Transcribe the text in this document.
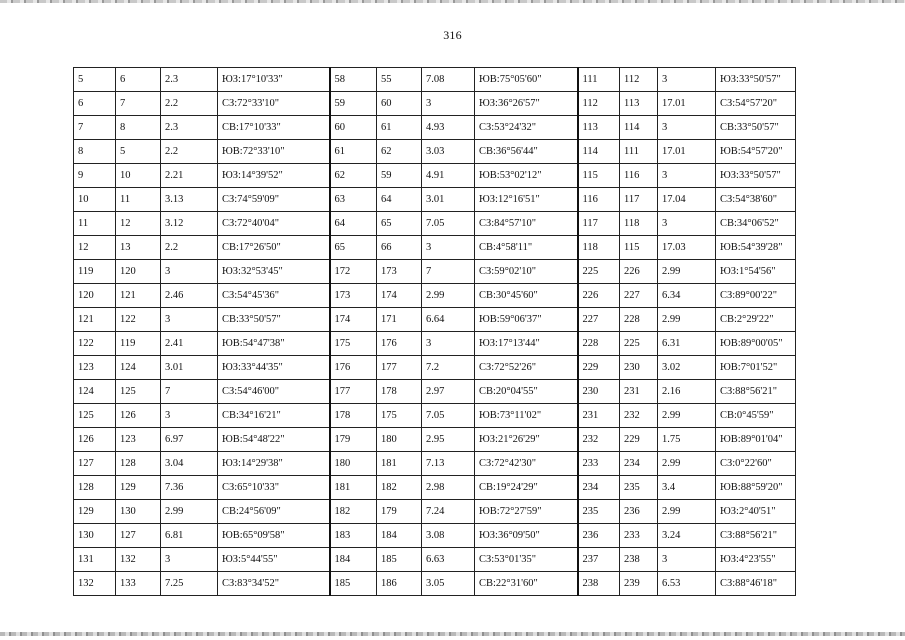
316
5	6	2.3	ЮЗ:17°10'33"	58	55	7.08	ЮВ:75°05'60"	111	112	3	ЮЗ:33°50'57"
6	7	2.2	СЗ:72°33'10"	59	60	3	ЮЗ:36°26'57"	112	113	17.01	СЗ:54°57'20"
7	8	2.3	СВ:17°10'33"	60	61	4.93	СЗ:53°24'32"	113	114	3	СВ:33°50'57"
8	5	2.2	ЮВ:72°33'10"	61	62	3.03	СВ:36°56'44"	114	111	17.01	ЮВ:54°57'20"
9	10	2.21	ЮЗ:14°39'52"	62	59	4.91	ЮВ:53°02'12"	115	116	3	ЮЗ:33°50'57"
10	11	3.13	СЗ:74°59'09"	63	64	3.01	ЮЗ:12°16'51"	116	117	17.04	СЗ:54°38'60"
11	12	3.12	СЗ:72°40'04"	64	65	7.05	СЗ:84°57'10"	117	118	3	СВ:34°06'52"
12	13	2.2	СВ:17°26'50"	65	66	3	СВ:4°58'11"	118	115	17.03	ЮВ:54°39'28"
119	120	3	ЮЗ:32°53'45"	172	173	7	СЗ:59°02'10"	225	226	2.99	ЮЗ:1°54'56"
120	121	2.46	СЗ:54°45'36"	173	174	2.99	СВ:30°45'60"	226	227	6.34	СЗ:89°00'22"
121	122	3	СВ:33°50'57"	174	171	6.64	ЮВ:59°06'37"	227	228	2.99	СВ:2°29'22"
122	119	2.41	ЮВ:54°47'38"	175	176	3	ЮЗ:17°13'44"	228	225	6.31	ЮВ:89°00'05"
123	124	3.01	ЮЗ:33°44'35"	176	177	7.2	СЗ:72°52'26"	229	230	3.02	ЮВ:7°01'52"
124	125	7	СЗ:54°46'00"	177	178	2.97	СВ:20°04'55"	230	231	2.16	СЗ:88°56'21"
125	126	3	СВ:34°16'21"	178	175	7.05	ЮВ:73°11'02"	231	232	2.99	СВ:0°45'59"
126	123	6.97	ЮВ:54°48'22"	179	180	2.95	ЮЗ:21°26'29"	232	229	1.75	ЮВ:89°01'04"
127	128	3.04	ЮЗ:14°29'38"	180	181	7.13	СЗ:72°42'30"	233	234	2.99	СЗ:0°22'60"
128	129	7.36	СЗ:65°10'33"	181	182	2.98	СВ:19°24'29"	234	235	3.4	ЮВ:88°59'20"
129	130	2.99	СВ:24°56'09"	182	179	7.24	ЮВ:72°27'59"	235	236	2.99	ЮЗ:2°40'51"
130	127	6.81	ЮВ:65°09'58"	183	184	3.08	ЮЗ:36°09'50"	236	233	3.24	СЗ:88°56'21"
131	132	3	ЮЗ:5°44'55"	184	185	6.63	СЗ:53°01'35"	237	238	3	ЮЗ:4°23'55"
132	133	7.25	СЗ:83°34'52"	185	186	3.05	СВ:22°31'60"	238	239	6.53	СЗ:88°46'18"
